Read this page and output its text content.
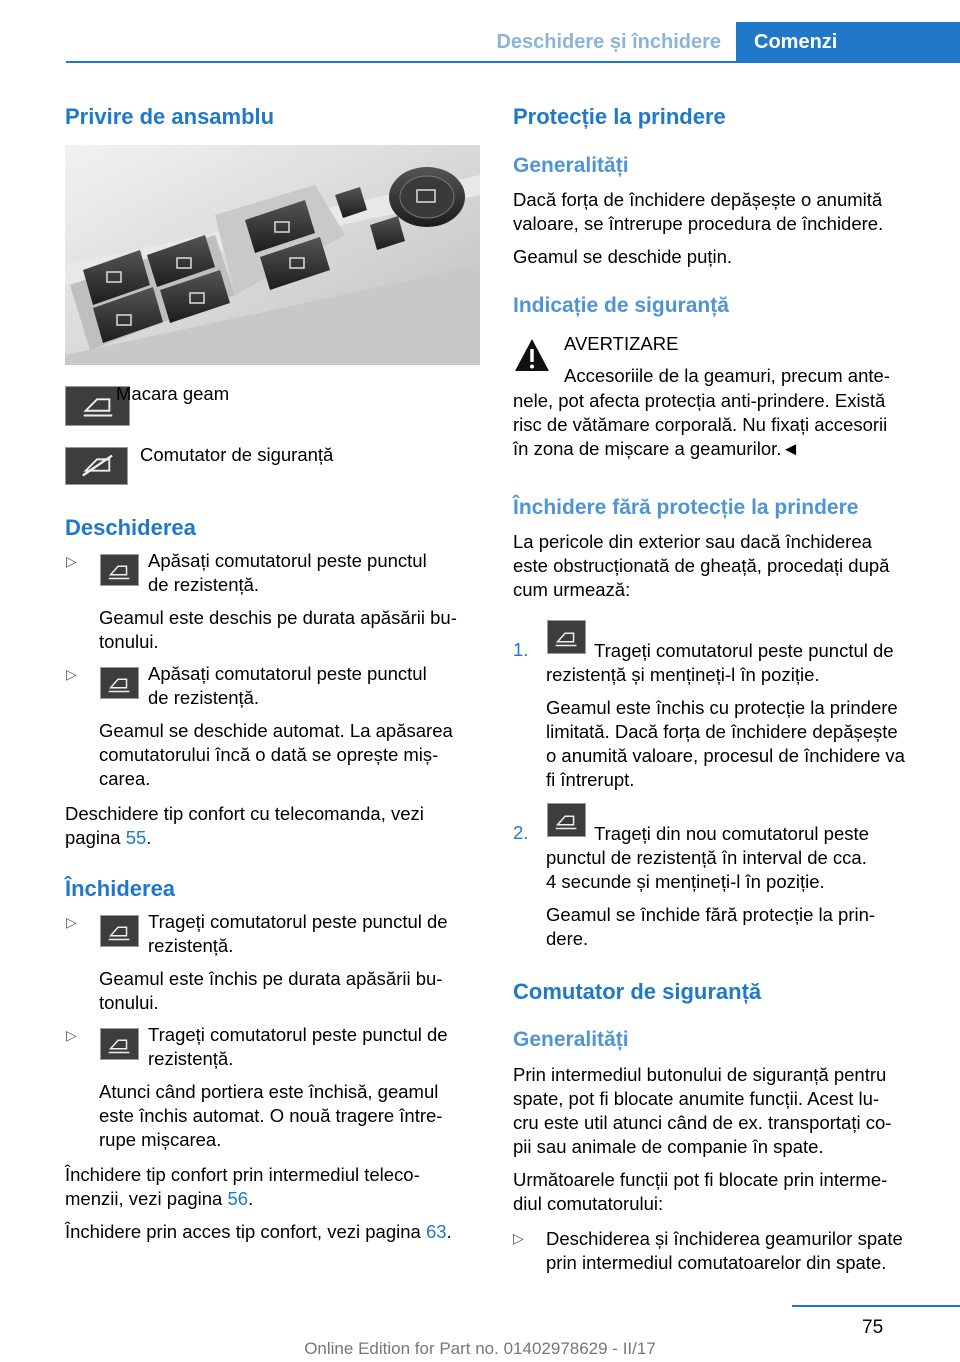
Deschidere și închidere	Comenzi
Privire de ansamblu
Macara geam
Comutator de siguranță
Deschiderea
▷	Apăsați comutatorul peste punctul
de rezistență.
Geamul este deschis pe durata apăsării bu-
tonului.
▷	Apăsați comutatorul peste punctul
de rezistență.
Geamul se deschide automat. La apăsarea
comutatorului încă o dată se oprește miș-
carea.
Deschidere tip confort cu telecomanda, vezi
pagina 55.
Închiderea
▷	Trageți comutatorul peste punctul de
rezistență.
Geamul este închis pe durata apăsării bu-
tonului.
▷	Trageți comutatorul peste punctul de
rezistență.
Atunci când portiera este închisă, geamul
este închis automat. O nouă tragere între-
rupe mișcarea.
Închidere tip confort prin intermediul teleco-
menzii, vezi pagina 56.
Închidere prin acces tip confort, vezi pagina 63.
Protecție la prindere
Generalități
Dacă forța de închidere depășește o anumită
valoare, se întrerupe procedura de închidere.
Geamul se deschide puțin.
Indicație de siguranță
AVERTIZARE
Accesoriile de la geamuri, precum ante-
nele, pot afecta protecția anti-prindere. Există
risc de vătămare corporală. Nu fixați accesorii
în zona de mișcare a geamurilor.◄
Închidere fără protecție la prindere
La pericole din exterior sau dacă închiderea
este obstrucționată de gheață, procedați după
cum urmează:
1.	Trageți comutatorul peste punctul de
rezistență și mențineți-l în poziție.
Geamul este închis cu protecție la prindere
limitată. Dacă forța de închidere depășește
o anumită valoare, procesul de închidere va
fi întrerupt.
2.	Trageți din nou comutatorul peste
punctul de rezistență în interval de cca.
4 secunde și mențineți-l în poziție.
Geamul se închide fără protecție la prin-
dere.
Comutator de siguranță
Generalități
Prin intermediul butonului de siguranță pentru
spate, pot fi blocate anumite funcții. Acest lu-
cru este util atunci când de ex. transportați co-
pii sau animale de companie în spate.
Următoarele funcții pot fi blocate prin interme-
diul comutatorului:
▷ Deschiderea și închiderea geamurilor spate
prin intermediul comutatoarelor din spate.
75
Online Edition for Part no. 01402978629 - II/17
